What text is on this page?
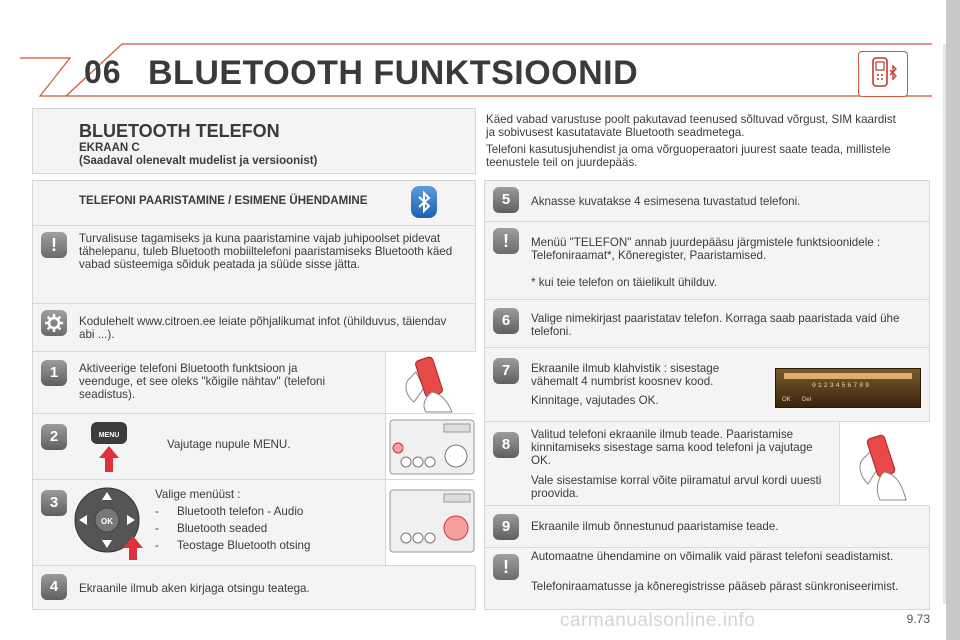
06 BLUETOOTH FUNKTSIOONID
BLUETOOTH TELEFON
EKRAAN C
(Saadaval olenevalt mudelist ja versioonist)
Käed vabad varustuse poolt pakutavad teenused sõltuvad võrgust, SIM kaardist ja sobivusest kasutatavate Bluetooth seadmetega.
Telefoni kasutusjuhendist ja oma võrguoperaatori juurest saate teada, millistele teenustele teil on juurdepääs.
TELEFONI PAARISTAMINE / ESIMENE ÜHENDAMINE
!	Turvalisuse tagamiseks ja kuna paaristamine vajab juhipoolset pidevat tähelepanu, tuleb Bluetooth mobiiltelefoni paaristamiseks Bluetooth käed vabad süsteemiga sõiduk peatada ja süüde sisse jätta.
Kodulehelt www.citroen.ee leiate põhjalikumat infot (ühilduvus, täiendav abi ...).
1	Aktiveerige telefoni Bluetooth funktsioon ja veenduge, et see oleks "kõigile nähtav" (telefoni seadistus).
2	MENU
Vajutage nupule MENU.
3
OK
Valige menüüst :
- Bluetooth telefon - Audio
- Bluetooth seaded
- Teostage Bluetooth otsing
4	Ekraanile ilmub aken kirjaga otsingu teatega.
5	Aknasse kuvatakse 4 esimesena tuvastatud telefoni.
!	Menüü "TELEFON" annab juurdepääsu järgmistele funktsioonidele : Telefoniraamat*, Kõneregister, Paaristamised.
* kui teie telefon on täielikult ühilduv.
6	Valige nimekirjast paaristatav telefon. Korraga saab paaristada vaid ühe telefoni.
7	Ekraanile ilmub klahvistik : sisestage vähemalt 4 numbrist koosnev kood.
Kinnitage, vajutades OK.
0123456789
OK Del
8
Valitud telefoni ekraanile ilmub teade. Paaristamise kinnitamiseks sisestage sama kood telefoni ja vajutage OK.
Vale sisestamise korral võite piiramatul arvul kordi uuesti proovida.
9	Ekraanile ilmub õnnestunud paaristamise teade.
!
Automaatne ühendamine on võimalik vaid pärast telefoni seadistamist.
Telefoniraamatusse ja kõneregistrisse pääseb pärast sünkroniseerimist.
carmanualsonline.info	9.73
